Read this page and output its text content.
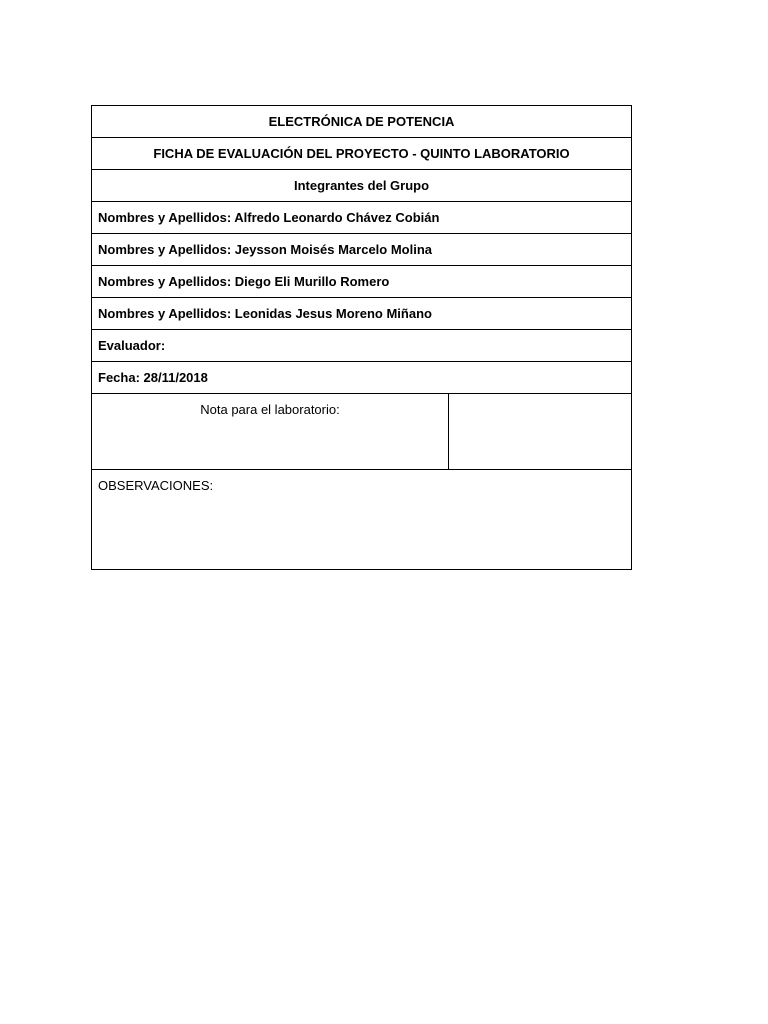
ELECTRÓNICA DE POTENCIA
FICHA DE EVALUACIÓN DEL PROYECTO - QUINTO LABORATORIO
Integrantes del Grupo
Nombres y Apellidos: Alfredo Leonardo Chávez Cobián
Nombres y Apellidos: Jeysson Moisés Marcelo Molina
Nombres y Apellidos: Diego Eli Murillo Romero
Nombres y Apellidos: Leonidas Jesus Moreno Miñano
Evaluador:
Fecha: 28/11/2018
Nota para el laboratorio:	
OBSERVACIONES:
